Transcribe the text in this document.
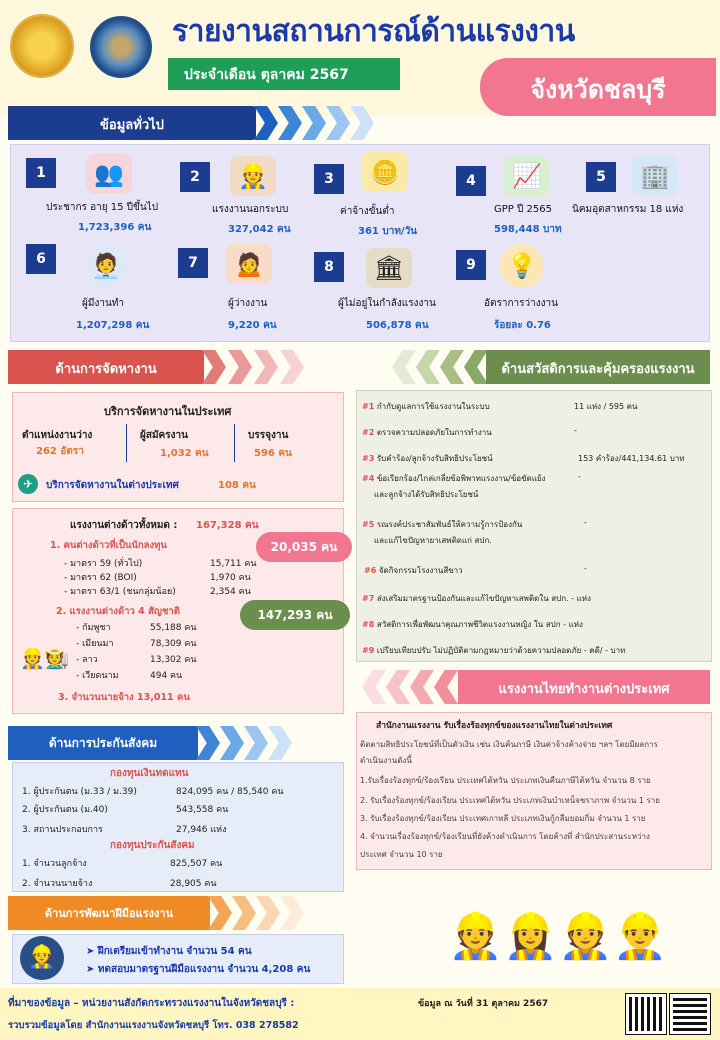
รายงานสถานการณ์ด้านแรงงาน
ประจำเดือน ตุลาคม 2567	จังหวัดชลบุรี
ข้อมูลทั่วไป
1	👥
ประชากร อายุ 15 ปีขึ้นไป
1,723,396 คน
2	👷
แรงงานนอกระบบ
327,042 คน
3	🪙
ค่าจ้างขั้นต่ำ
361 บาท/วัน
4	📈
GPP ปี 2565
598,448 บาท
5	🏢
นิคมอุตสาหกรรม 18 แห่ง
6	🧑‍💼
ผู้มีงานทำ
1,207,298 คน
7	🙍
ผู้ว่างงาน
9,220 คน
8	🏛
ผู้ไม่อยู่ในกำลังแรงงาน
506,878 คน
9	💡
อัตราการว่างงาน
ร้อยละ 0.76
ด้านการจัดหางาน
บริการจัดหางานในประเทศ
ตำแหน่งงานว่าง
262 อัตรา
ผู้สมัครงาน
1,032 คน
บรรจุงาน
596 คน
✈	บริการจัดหางานในต่างประเทศ	108 คน
แรงงานต่างด้าวทั้งหมด : 167,328 คน
1. คนต่างด้าวที่เป็นนักลงทุน	20,035 คน
- มาตรา 59 (ทั่วไป)	15,711 คน
- มาตรา 62 (BOI)	1,970 คน
- มาตรา 63/1 (ชนกลุ่มน้อย)	2,354 คน
2. แรงงานต่างด้าว 4 สัญชาติ	147,293 คน
- กัมพูชา	55,188 คน
- เมียนมา	78,309 คน
- ลาว	13,302 คน
- เวียดนาม	494 คน
👷🧑‍🌾
3. จำนวนนายจ้าง 13,011 คน
ด้านสวัสดิการและคุ้มครองแรงงาน
#1 กำกับดูแลการใช้แรงงานในระบบ	11 แห่ง / 595 คน
#2 ตรวจความปลอดภัยในการทำงาน	-
#3 รับคำร้อง/ลูกจ้างรับสิทธิประโยชน์	153 คำร้อง/441,134.61 บาท
#4 ข้อเรียกร้อง/ไกล่เกลี่ยข้อพิพาทแรงงาน/ข้อขัดแย้ง
และลูกจ้างได้รับสิทธิประโยชน์
-
#5 รณรงค์ประชาสัมพันธ์ให้ความรู้การป้องกัน
และแก้ไขปัญหายาเสพติดแก่ สปก.
-
#6 จัดกิจกรรมโรงงานสีขาว	-
#7 ส่งเสริมมาตรฐานป้องกันและแก้ไขปัญหาเสพติดใน สปก. - แห่ง
#8 สวัสดิการเพื่อพัฒนาคุณภาพชีวิตแรงงานหญิง ใน สปก - แห่ง
#9 เปรียบเทียบปรับ ไม่ปฏิบัติตามกฎหมายว่าด้วยความปลอดภัย - คดี/ - บาท
แรงงานไทยทำงานต่างประเทศ
สำนักงานแรงงาน รับเรื่องร้องทุกข์ของแรงงานไทยในต่างประเทศ
ติดตามสิทธิประโยชน์ที่เป็นตัวเงิน เช่น เงินค้นภาษี เงินค่าจ้างค้างจ่าย ฯลฯ โดยมีผลการ
ดำเนินงานดังนี้
1.รับเรื่องร้องทุกข์/ร้องเรียน ประเทศไต้หวัน ประเภทเงินคืนภาษีไต้หวัน จำนวน 8 ราย
2. รับเรื่องร้องทุกข์/ร้องเรียน ประเทศไต้หวัน ประเภทเงินบำเหน็จชราภาพ จำนวน 1 ราย
3. รับเรื่องร้องทุกข์/ร้องเรียน ประเทศเกาหลี ประเภทเงินกู้กลืมยอมกิ่ม จำนวน 1 ราย
4. จำนวนเรื่องร้องทุกข์/ร้องเรียนที่ยังค้างดำเนินการ โดยค้างที่ สำนักประสานระหว่าง
ประเทศ จำนวน 10 ราย
ด้านการประกันสังคม
กองทุนเงินทดแทน
1. ผู้ประกันตน (ม.33 / ม.39)	824,095 คน / 85,540 คน
2. ผู้ประกันตน (ม.40)	543,558 คน
3. สถานประกอบการ	27,946 แห่ง
กองทุนประกันสังคม
1. จำนวนลูกจ้าง	825,507 คน
2. จำนวนนายจ้าง	28,905 คน
ด้านการพัฒนาฝีมือแรงงาน
👷	➤ ฝึกเตรียมเข้าทำงาน จำนวน 54 คน
➤ ทดสอบมาตรฐานฝีมือแรงงาน จำนวน 4,208 คน
👷👷‍♀️👷👷‍♂️
ที่มาของข้อมูล – หน่วยงานสังกัดกระทรวงแรงงานในจังหวัดชลบุรี :	ข้อมูล ณ วันที่ 31 ตุลาคม 2567
รวบรวมข้อมูลโดย สำนักงานแรงงานจังหวัดชลบุรี โทร. 038 278582
